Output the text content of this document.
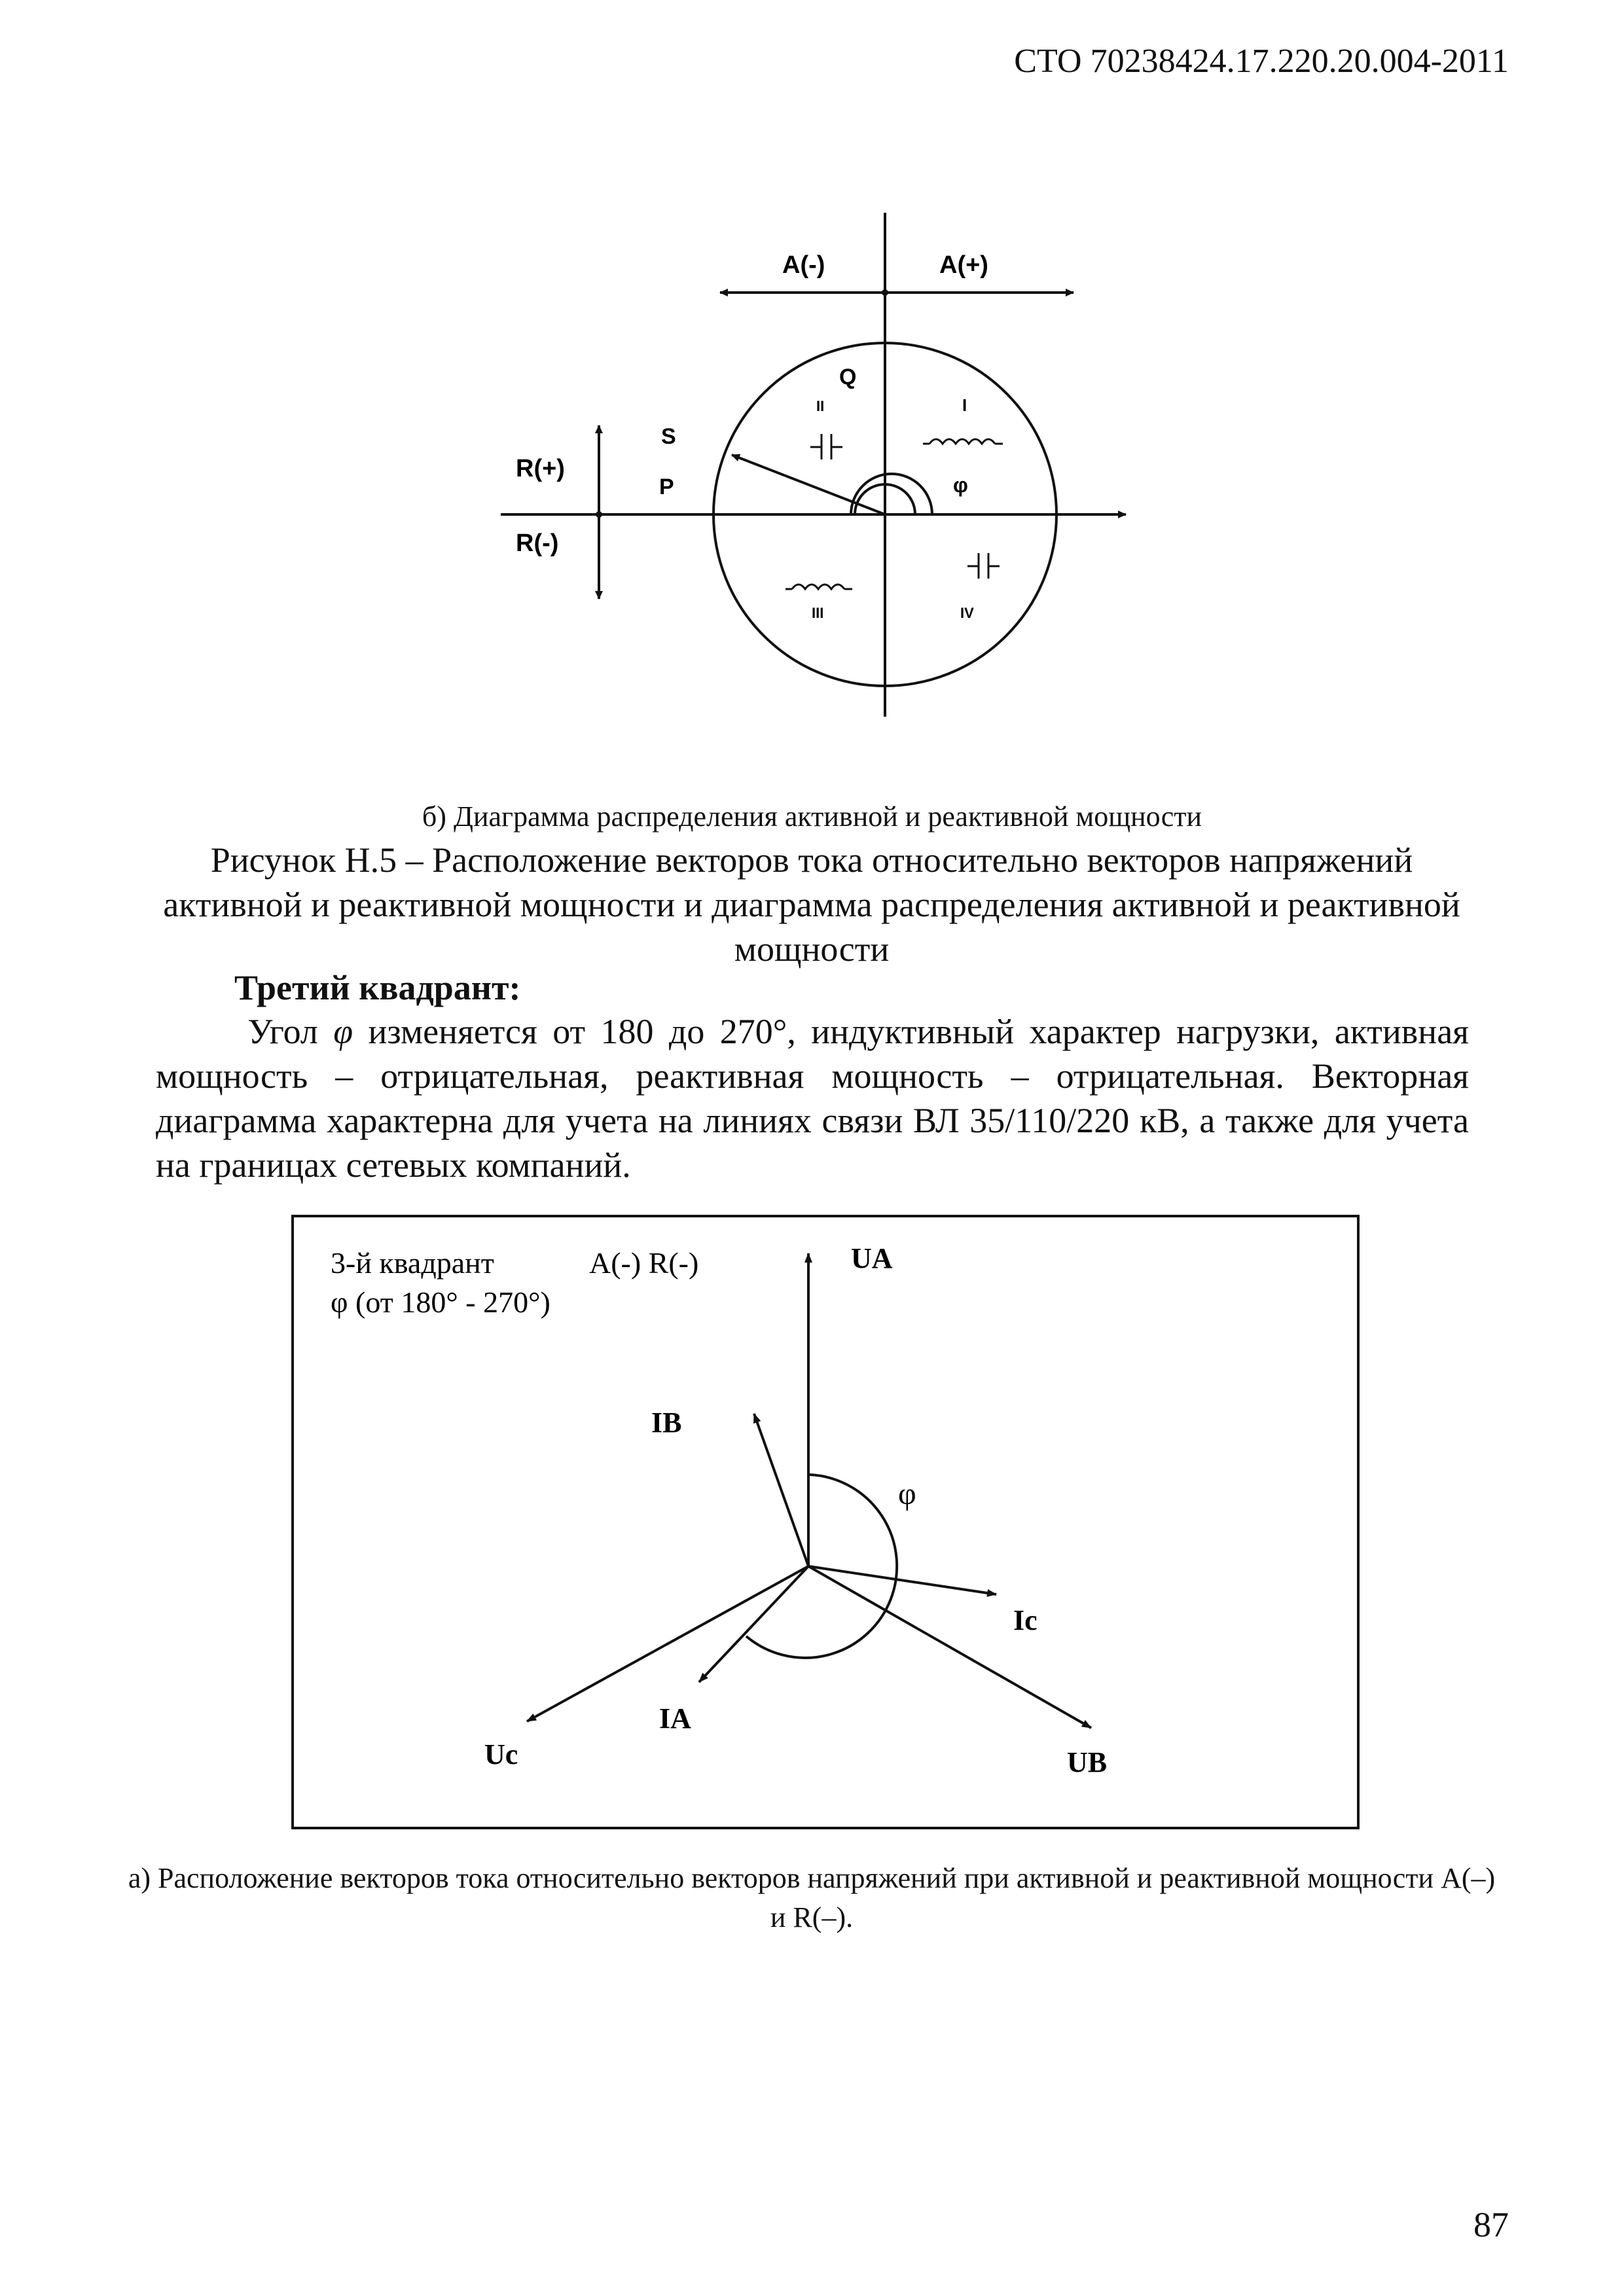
СТО 70238424.17.220.20.004-2011
A(-)	A(+)
R(+)
R(-)
Q
S
P	φ
I
II
III	IV
б) Диаграмма распределения активной и реактивной мощности
Рисунок Н.5 – Расположение векторов тока относительно векторов напряжений активной и реактивной мощности и диаграмма распределения активной и реактивной мощности
Третий квадрант:
Угол φ изменяется от 180 до 270°, индуктивный характер нагрузки, активная мощность – отрицательная, реактивная мощность – отрицательная. Векторная диаграмма характерна для учета на линиях связи ВЛ 35/110/220 кВ, а также для учета на границах сетевых компаний.
3-й квадрант	A(-) R(-)
φ (от 180° - 270°)
UA
IB
φ
Ic
IA
Uc	UB
а) Расположение векторов тока относительно векторов напряжений при активной и реактивной мощности A(–) и R(–).
87
